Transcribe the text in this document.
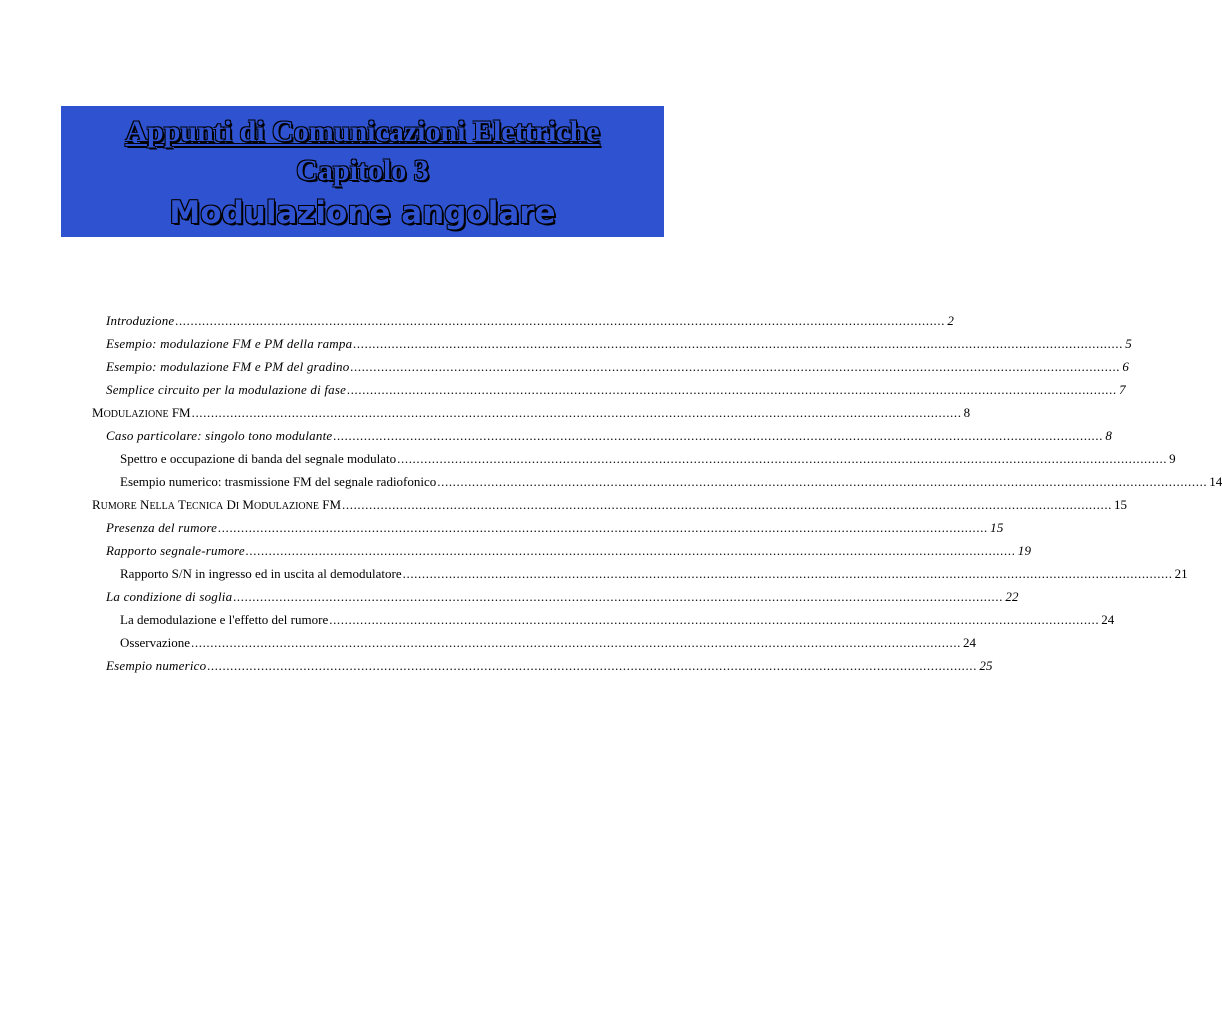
Appunti di Comunicazioni Elettriche
Capitolo 3
Modulazione angolare
Introduzione ........................................................................................................................................................................................................ 2
Esempio: modulazione FM e PM della rampa ........................................................................................................................................................................................................ 5
Esempio: modulazione FM e PM del gradino ........................................................................................................................................................................................................ 6
Semplice circuito per la modulazione di fase ........................................................................................................................................................................................................ 7
MODULAZIONE FM ........................................................................................................................................................................................................ 8
Caso particolare: singolo tono modulante ........................................................................................................................................................................................................ 8
Spettro e occupazione di banda del segnale modulato ........................................................................................................................................................................................................ 9
Esempio numerico: trasmissione FM del segnale radiofonico ........................................................................................................................................................................................................ 14
RUMORE NELLA TECNICA DI MODULAZIONE FM ........................................................................................................................................................................................................ 15
Presenza del rumore ........................................................................................................................................................................................................ 15
Rapporto segnale-rumore ........................................................................................................................................................................................................ 19
Rapporto S/N in ingresso ed in uscita al demodulatore ........................................................................................................................................................................................................ 21
La condizione di soglia ........................................................................................................................................................................................................ 22
La demodulazione e l'effetto del rumore ........................................................................................................................................................................................................ 24
Osservazione ........................................................................................................................................................................................................ 24
Esempio numerico ........................................................................................................................................................................................................ 25
